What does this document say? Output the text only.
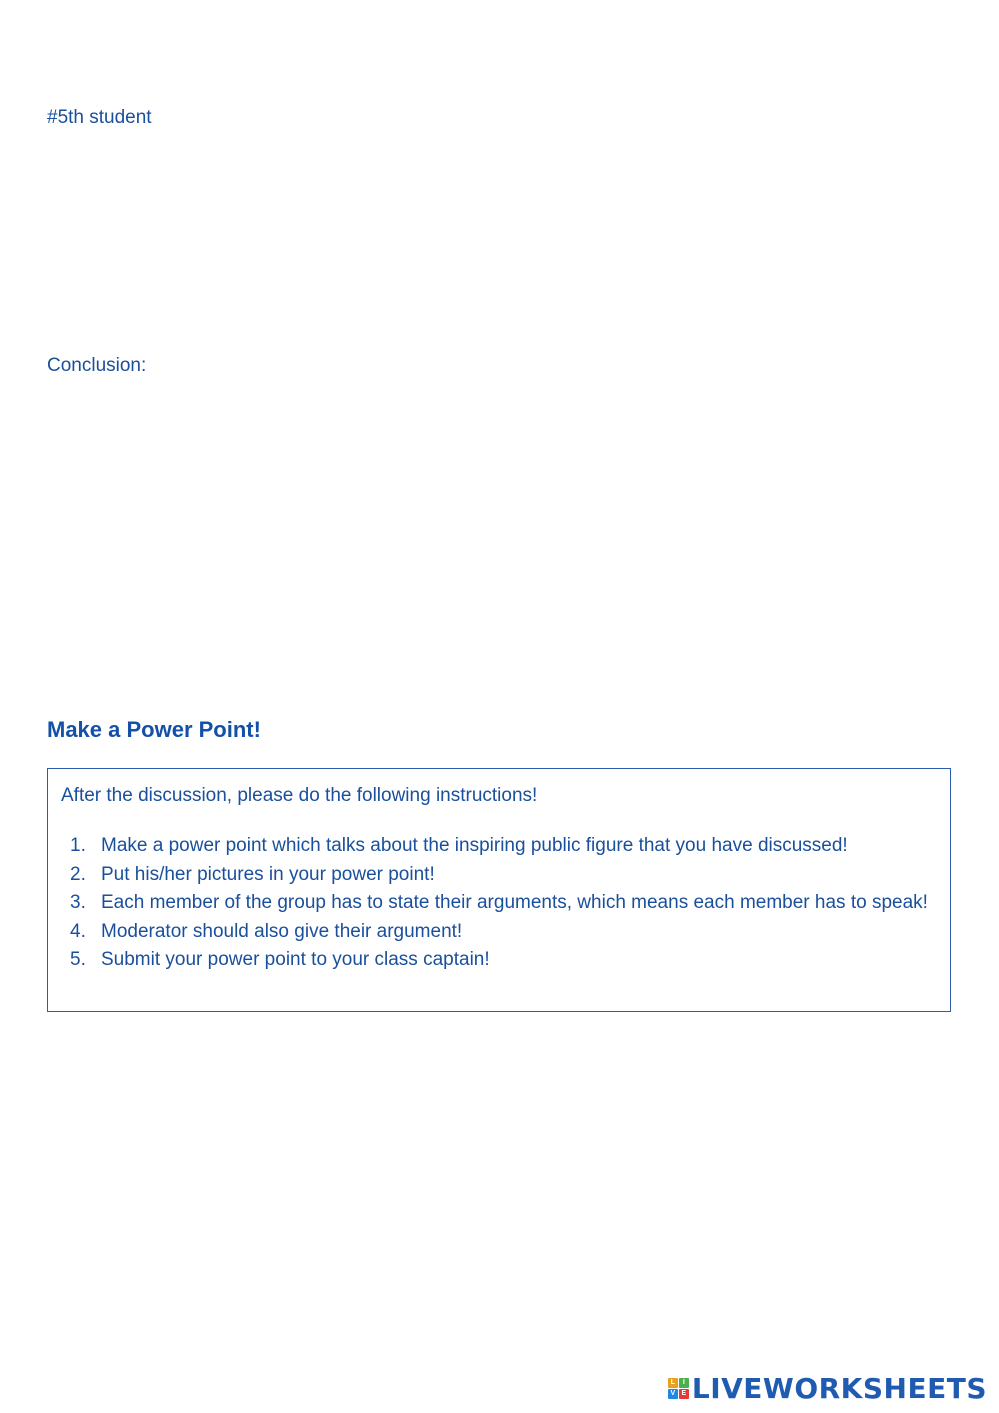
#5th student
Conclusion:
Make a Power Point!
After the discussion, please do the following instructions!
1. Make a power point which talks about the inspiring public figure that you have discussed!
2. Put his/her pictures in your power point!
3. Each member of the group has to state their arguments, which means each member has to speak!
4. Moderator should also give their argument!
5. Submit your power point to your class captain!
L	I
V E LIVEWORKSHEETS
